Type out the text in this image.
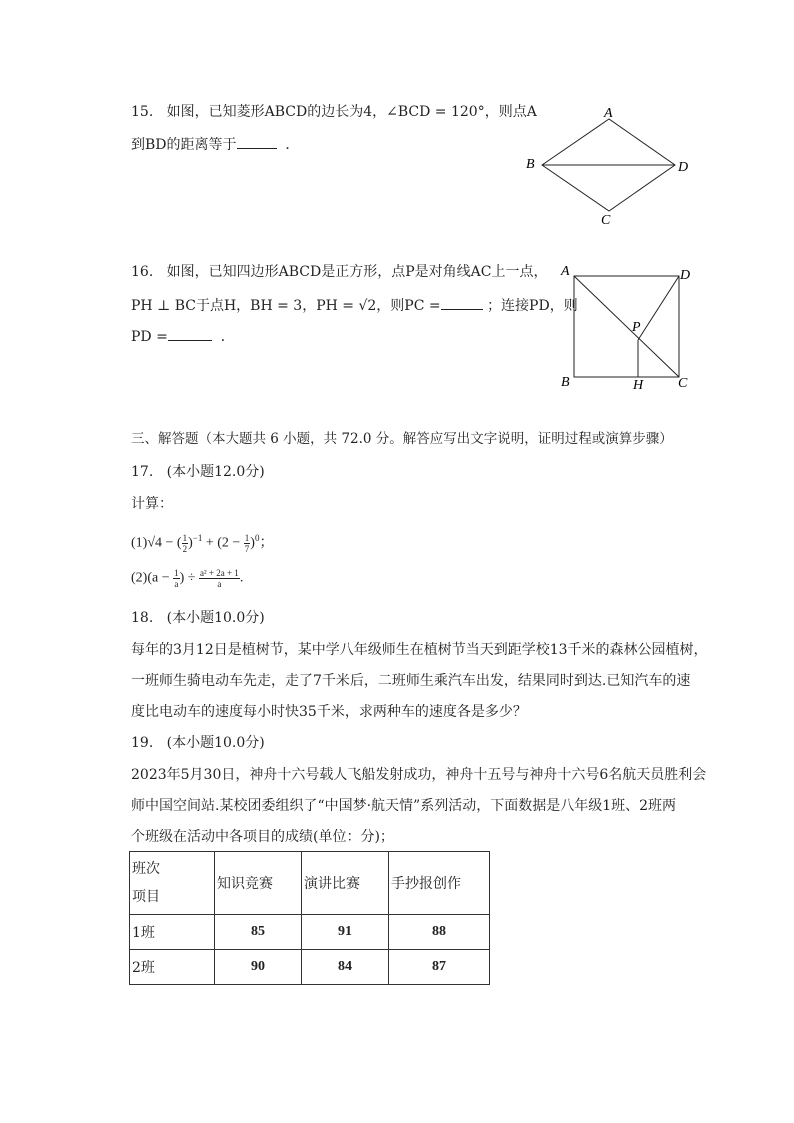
15. 如图，已知菱形ABCD的边长为4，∠BCD = 120°，则点A
到BD的距离等于	．
A
B	D
C
16. 如图，已知四边形ABCD是正方形，点P是对角线AC上一点，
PH ⊥ BC于点H，BH = 3，PH = √2，则PC =	；连接PD，则
PD =	．
A	D
P
B	H C
三、解答题（本大题共 6 小题，共 72.0 分。解答应写出文字说明，证明过程或演算步骤）
17. (本小题12.0分)
计算：
(1)√4 − ( $\frac{1}{2} )^{-1} + (2 - \frac{1}{7} )^0$；
$(2)(a - \frac{1}{a}$ ) ÷ $\frac{\text{a² + 2a + 1}}{a}$ .
18. (本小题10.0分)
每年的3月12日是植树节，某中学八年级师生在植树节当天到距学校13千米的森林公园植树，
一班师生骑电动车先走，走了7千米后，二班师生乘汽车出发，结果同时到达.已知汽车的速
度比电动车的速度每小时快35千米，求两种车的速度各是多少？
19. (本小题10.0分)
2023年5月30日，神舟十六号载人飞船发射成功，神舟十五号与神舟十六号6名航天员胜利会
师中国空间站.某校团委组织了“中国梦·航天情”系列活动，下面数据是八年级1班、2班两
个班级在活动中各项目的成绩(单位：分)；
班次
项目	知识竞赛	演讲比赛	手抄报创作
1班	85	91	88
2班	90	84	87
